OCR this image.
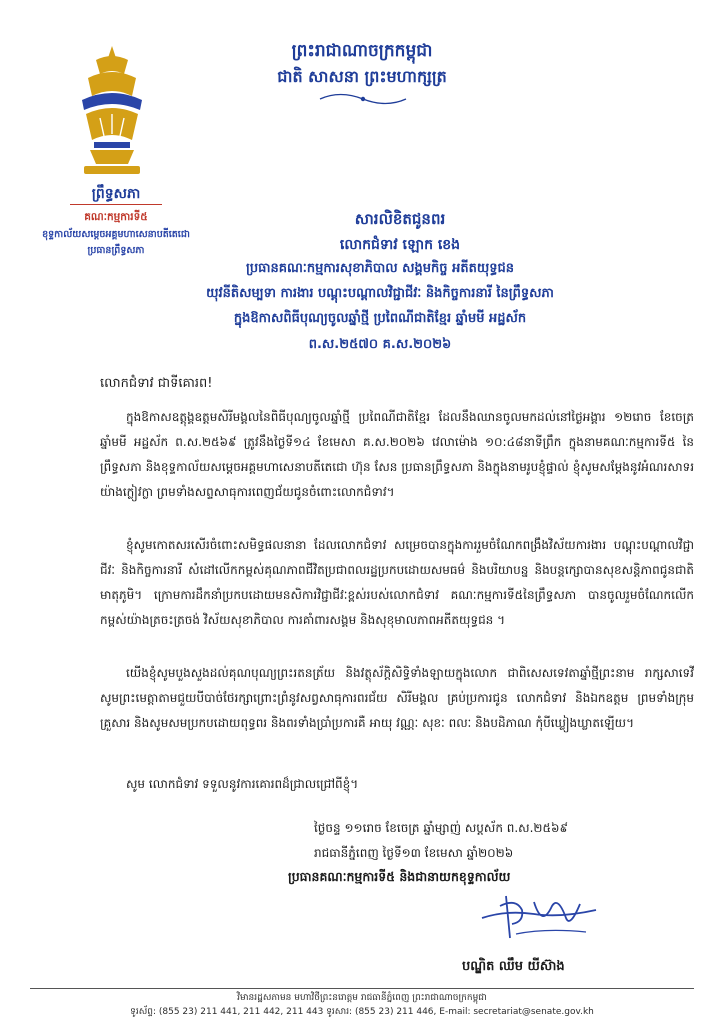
ព្រះរាជាណាចក្រកម្ពុជា
ជាតិ សាសនា ព្រះមហាក្សត្រ
ព្រឹទ្ធសភា
គណៈកម្មការទី៥
ខុទ្ទកាល័យសម្ដេចអគ្គមហាសេនាបតីតេជោ
ប្រធានព្រឹទ្ធសភា
សារលិខិតជូនពរ
លោកជំទាវ ឡោក ខេង
ប្រធានគណៈកម្មការសុខាភិបាល សង្គមកិច្ច អតីតយុទ្ធជន
យុវនីតិសម្បទា ការងារ បណ្ដុះបណ្ដាលវិជ្ជាជីវៈ និងកិច្ចការនារី នៃព្រឹទ្ធសភា
ក្នុងឱកាសពិធីបុណ្យចូលឆ្នាំថ្មី ប្រពៃណីជាតិខ្មែរ ឆ្នាំមមី អដ្ឋស័ក
ព.ស.២៥៧០ គ.ស.២០២៦
លោកជំទាវ ជាទីគោរព!
ក្នុងឱកាសឧត្តុង្គឧត្តមសិរីមង្គលនៃពិធីបុណ្យចូលឆ្នាំថ្មី ប្រពៃណីជាតិខ្មែរ ដែលនឹងឈានចូលមកដល់នៅថ្ងៃអង្គារ ១២រោច ខែចេត្រ ឆ្នាំមមី អដ្ឋស័ក ព.ស.២៥៦៩ ត្រូវនឹងថ្ងៃទី១៤ ខែមេសា គ.ស.២០២៦ វេលាម៉ោង ១០:៤៨នាទីព្រឹក ក្នុងនាមគណៈកម្មការទី៥ នៃព្រឹទ្ធសភា និងខុទ្ទកាល័យសម្ដេចអគ្គមហាសេនាបតីតេជោ ហ៊ុន សែន ប្រធានព្រឹទ្ធសភា និងក្នុងនាមរូបខ្ញុំផ្ទាល់ ខ្ញុំសូមសម្ដែងនូវអំណរសាទរយ៉ាងក្លៀវក្លា ព្រមទាំងសព្ទសាធុការពេញជ័យជូនចំពោះលោកជំទាវ។
ខ្ញុំសូមកោតសរសើរចំពោះសមិទ្ធផលនានា ដែលលោកជំទាវ សម្រេចបានក្នុងការរួមចំណែកពង្រឹងវិស័យការងារ បណ្ដុះបណ្ដាលវិជ្ជាជីវៈ និងកិច្ចការនារី សំដៅលើកកម្ពស់គុណភាពជីវិតប្រជាពលរដ្ឋប្រកបដោយសមធម៌ និងបរិយាបន្ន និងបន្តក្សោបានសុខសន្តិភាពជូនជាតិមាតុភូមិ។ ក្រោមការដឹកនាំប្រកបដោយមនសិការវិជ្ជាជីវៈខ្ពស់របស់លោកជំទាវ គណៈកម្មការទី៥នៃព្រឹទ្ធសភា បានចូលរួមចំណែកលើកកម្ពស់យ៉ាងត្រចះត្រចង់ វិស័យសុខាភិបាល ការគាំពារសង្គម និងសុខុមាលភាពអតីតយុទ្ធជន ។
យើងខ្ញុំសូមបួងសួងដល់គុណបុណ្យព្រះរតនត្រ័យ និងវត្ថុស័ក្តិសិទ្ធិទាំងឡាយក្នុងលោក ជាពិសេសទេវតាឆ្នាំថ្មីព្រះនាម រាក្សសាទេវី សូមព្រះមេត្តាតាមជួយបីបាច់ថែរក្សាព្រោះព្រំនូវសព្វសាធុការពរជ័យ សិរីមង្គល គ្រប់ប្រការជូន លោកជំទាវ និងឯកឧត្តម ព្រមទាំងក្រុមគ្រួសារ និងសូមសមប្រកបដោយពុទ្ធពរ និងពរទាំងប្រាំប្រការគឺ អាយុ វណ្ណៈ សុខៈ ពលៈ និងបដិភាណ កុំបីឃ្លៀងឃ្លាតឡើយ។
សូម លោកជំទាវ ទទួលនូវការគោរពដ៏ជ្រាលជ្រៅពីខ្ញុំ។
ថ្ងៃចន្ទ ១១រោច ខែចេត្រ ឆ្នាំម្សាញ់ សប្តស័ក ព.ស.២៥៦៩
រាជធានីភ្នំពេញ ថ្ងៃទី១៣ ខែមេសា ឆ្នាំ២០២៦
ប្រធានគណៈកម្មការទី៥ និងជានាយកខុទ្ទកាល័យ
បណ្ឌិត ឈឹម យីស៊ាង
វិមានរដ្ឋសភាមន មហាវិថីព្រះនរោត្តម រាជធានីភ្នំពេញ ព្រះរាជាណាចក្រកម្ពុជា
ទូរស័ព្ទ: (855 23) 211 441, 211 442, 211 443 ទូរសារ: (855 23) 211 446, E-mail: secretariat@senate.gov.kh
